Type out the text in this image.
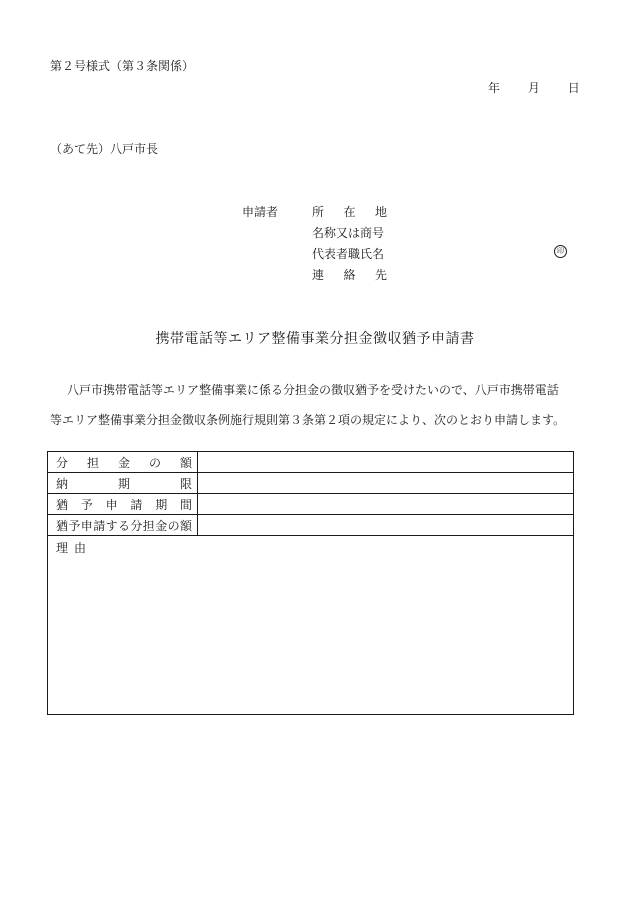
第２号様式（第３条関係）
年 月 日
（あて先）八戸市長
申請者	所在地
名称又は商号
代表者職氏名	印
連絡先
携帯電話等エリア整備事業分担金徴収猶予申請書
八戸市携帯電話等エリア整備事業に係る分担金の徴収猶予を受けたいので、八戸市携帯電話
等エリア整備事業分担金徴収条例施行規則第３条第２項の規定により、次のとおり申請します。
分担金の額	
納期限	
猶予申請期間	
猶予申請する分担金の額	
理由	
